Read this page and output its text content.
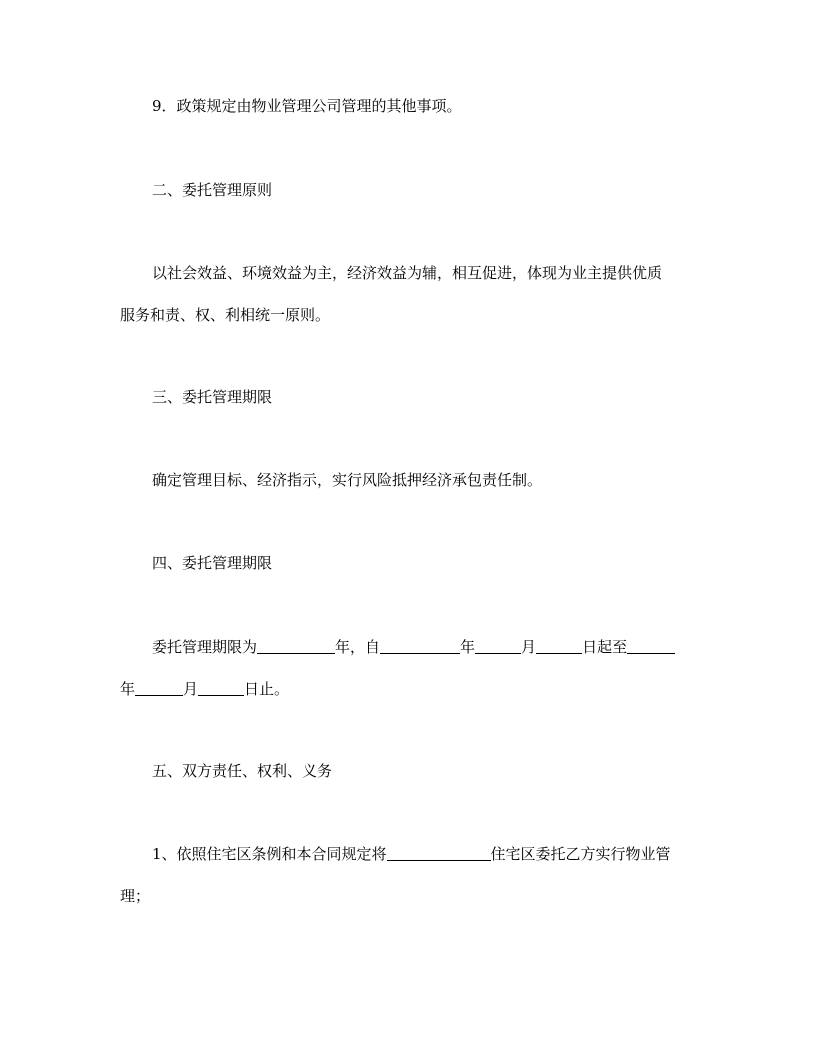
9．政策规定由物业管理公司管理的其他事项。
二、委托管理原则
以社会效益、环境效益为主，经济效益为辅，相互促进，体现为业主提供优质
服务和责、权、利相统一原则。
三、委托管理期限
确定管理目标、经济指示，实行风险抵押经济承包责任制。
四、委托管理期限
委托管理期限为	年，自	年	月	日起至
年	月	日止。
五、双方责任、权利、义务
1、依照住宅区条例和本合同规定将	住宅区委托乙方实行物业管
理；
